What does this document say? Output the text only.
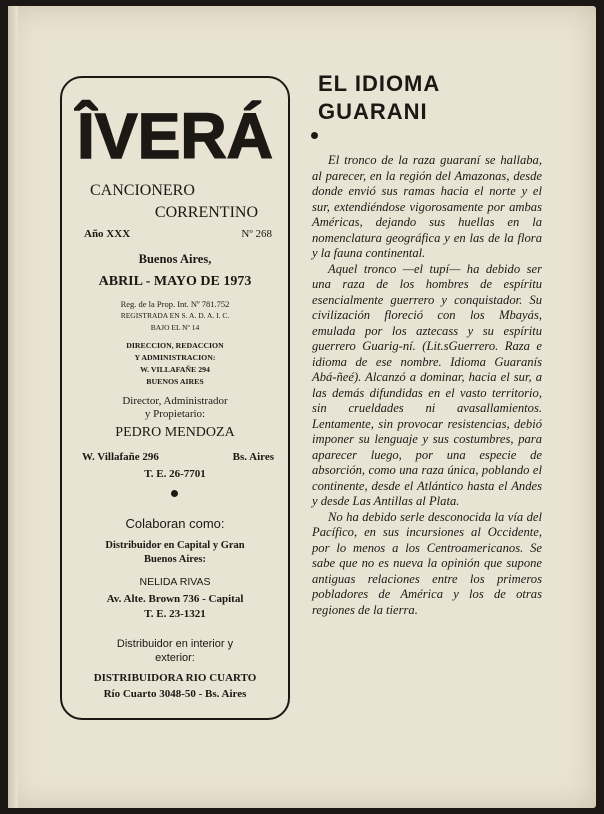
ÎVERÁ
CANCIONERO
CORRENTINO
Año XXX	Nº 268
Buenos Aires,
ABRIL - MAYO DE 1973
Reg. de la Prop. Int. Nº 781.752
REGISTRADA EN S. A. D. A. I. C.
BAJO EL Nº 14
DIRECCION, REDACCION
Y ADMINISTRACION:
W. VILLAFAÑE 294
BUENOS AIRES
Director, Administrador
y Propietario:
PEDRO MENDOZA
W. Villafañe 296	Bs. Aires
T. E. 26-7701
Colaboran como:
Distribuidor en Capital y Gran
Buenos Aires:
NELIDA RIVAS
Av. Alte. Brown 736 - Capital
T. E. 23-1321
Distribuidor en interior y
exterior:
DISTRIBUIDORA RIO CUARTO
Río Cuarto 3048-50 - Bs. Aires
EL IDIOMA
GUARANI

El tronco de la raza guaraní se hallaba, al parecer, en la región del Amazonas, desde donde envió sus ramas hacia el norte y el sur, extendiéndose vigorosamente por ambas Américas, dejando sus huellas en la nomenclatura geográfica y en las de la flora y la fauna continental.

Aquel tronco —el tupí— ha debido ser una raza de los hombres de espíritu esencialmente guerrero y conquistador. Su civilización floreció con los Mbayás, emulada por los aztecass y su espíritu guerrero Guarig-ní. (Lit.sGuerrero. Raza e idioma de ese nombre. Idioma Guaranís Abá-ñeé). Alcanzó a dominar, hacia el sur, a las demás difundidas en el vasto territorio, sin crueldades ni avasallamientos. Lentamente, sin provocar resistencias, debió imponer su lenguaje y sus costumbres, para aparecer luego, por una especie de absorción, como una raza única, poblando el continente, desde el Atlántico hasta el Andes y desde Las Antillas al Plata.

No ha debido serle desconocida la vía del Pacífico, en sus incursiones al Occidente, por lo menos a los Centroamericanos. Se sabe que no es nueva la opinión que supone antiguas relaciones entre los primeros pobladores de América y los de otras regiones de la tierra.
